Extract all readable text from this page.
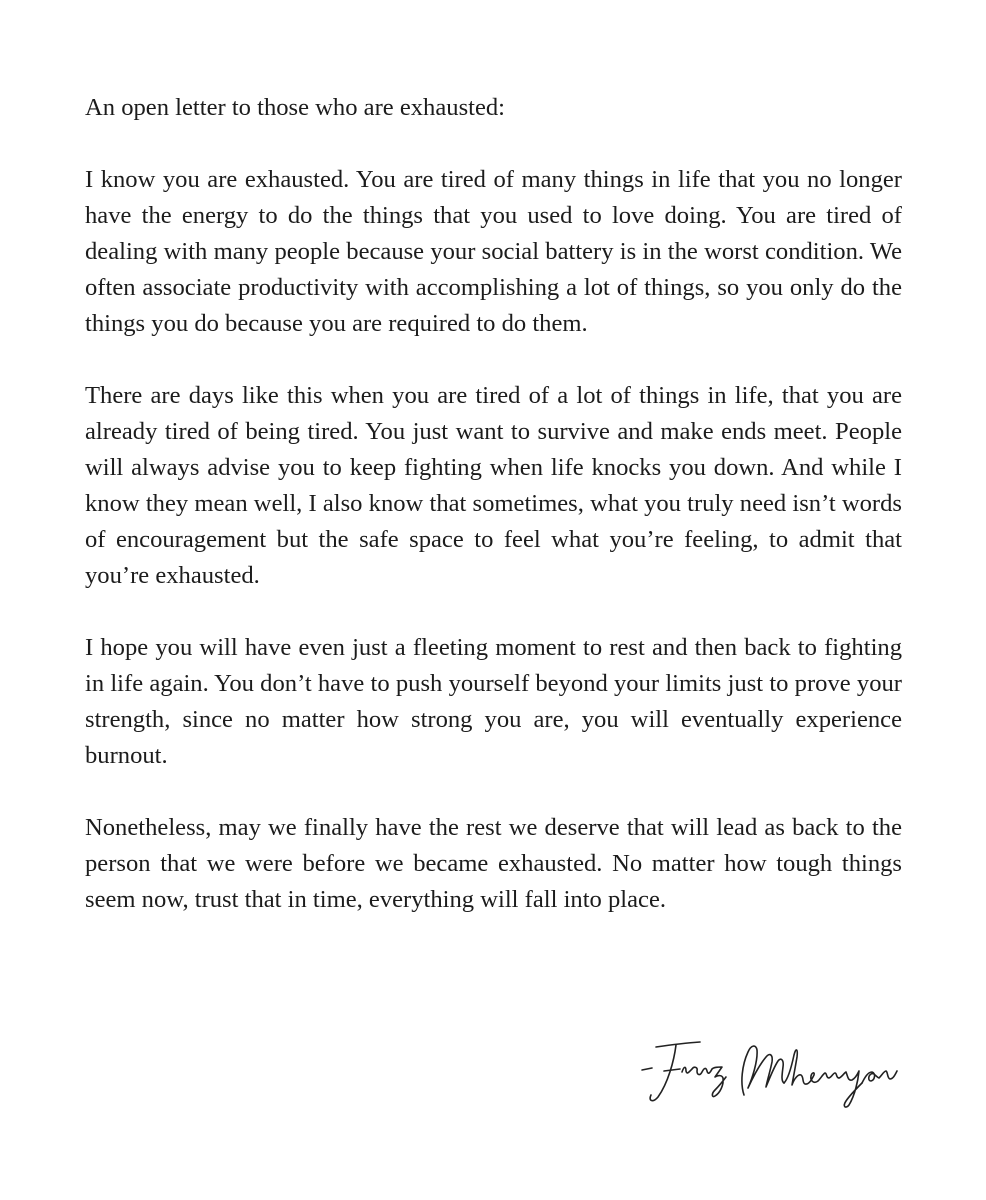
An open letter to those who are exhausted:

I know you are exhausted. You are tired of many things in life that you no longer have the energy to do the things that you used to love doing. You are tired of dealing with many people because your social battery is in the worst condition. We often associate productivity with accomplishing a lot of things, so you only do the things you do because you are required to do them.

There are days like this when you are tired of a lot of things in life, that you are already tired of being tired. You just want to survive and make ends meet. People will always advise you to keep fighting when life knocks you down. And while I know they mean well, I also know that sometimes, what you truly need isn’t words of encouragement but the safe space to feel what you’re feeling, to admit that you’re exhausted.

I hope you will have even just a fleeting moment to rest and then back to fighting in life again. You don’t have to push yourself beyond your limits just to prove your strength, since no matter how strong you are, you will eventually experience burnout.

Nonetheless, may we finally have the rest we deserve that will lead as back to the person that we were before we became exhausted. No matter how tough things seem now, trust that in time, everything will fall into place.
